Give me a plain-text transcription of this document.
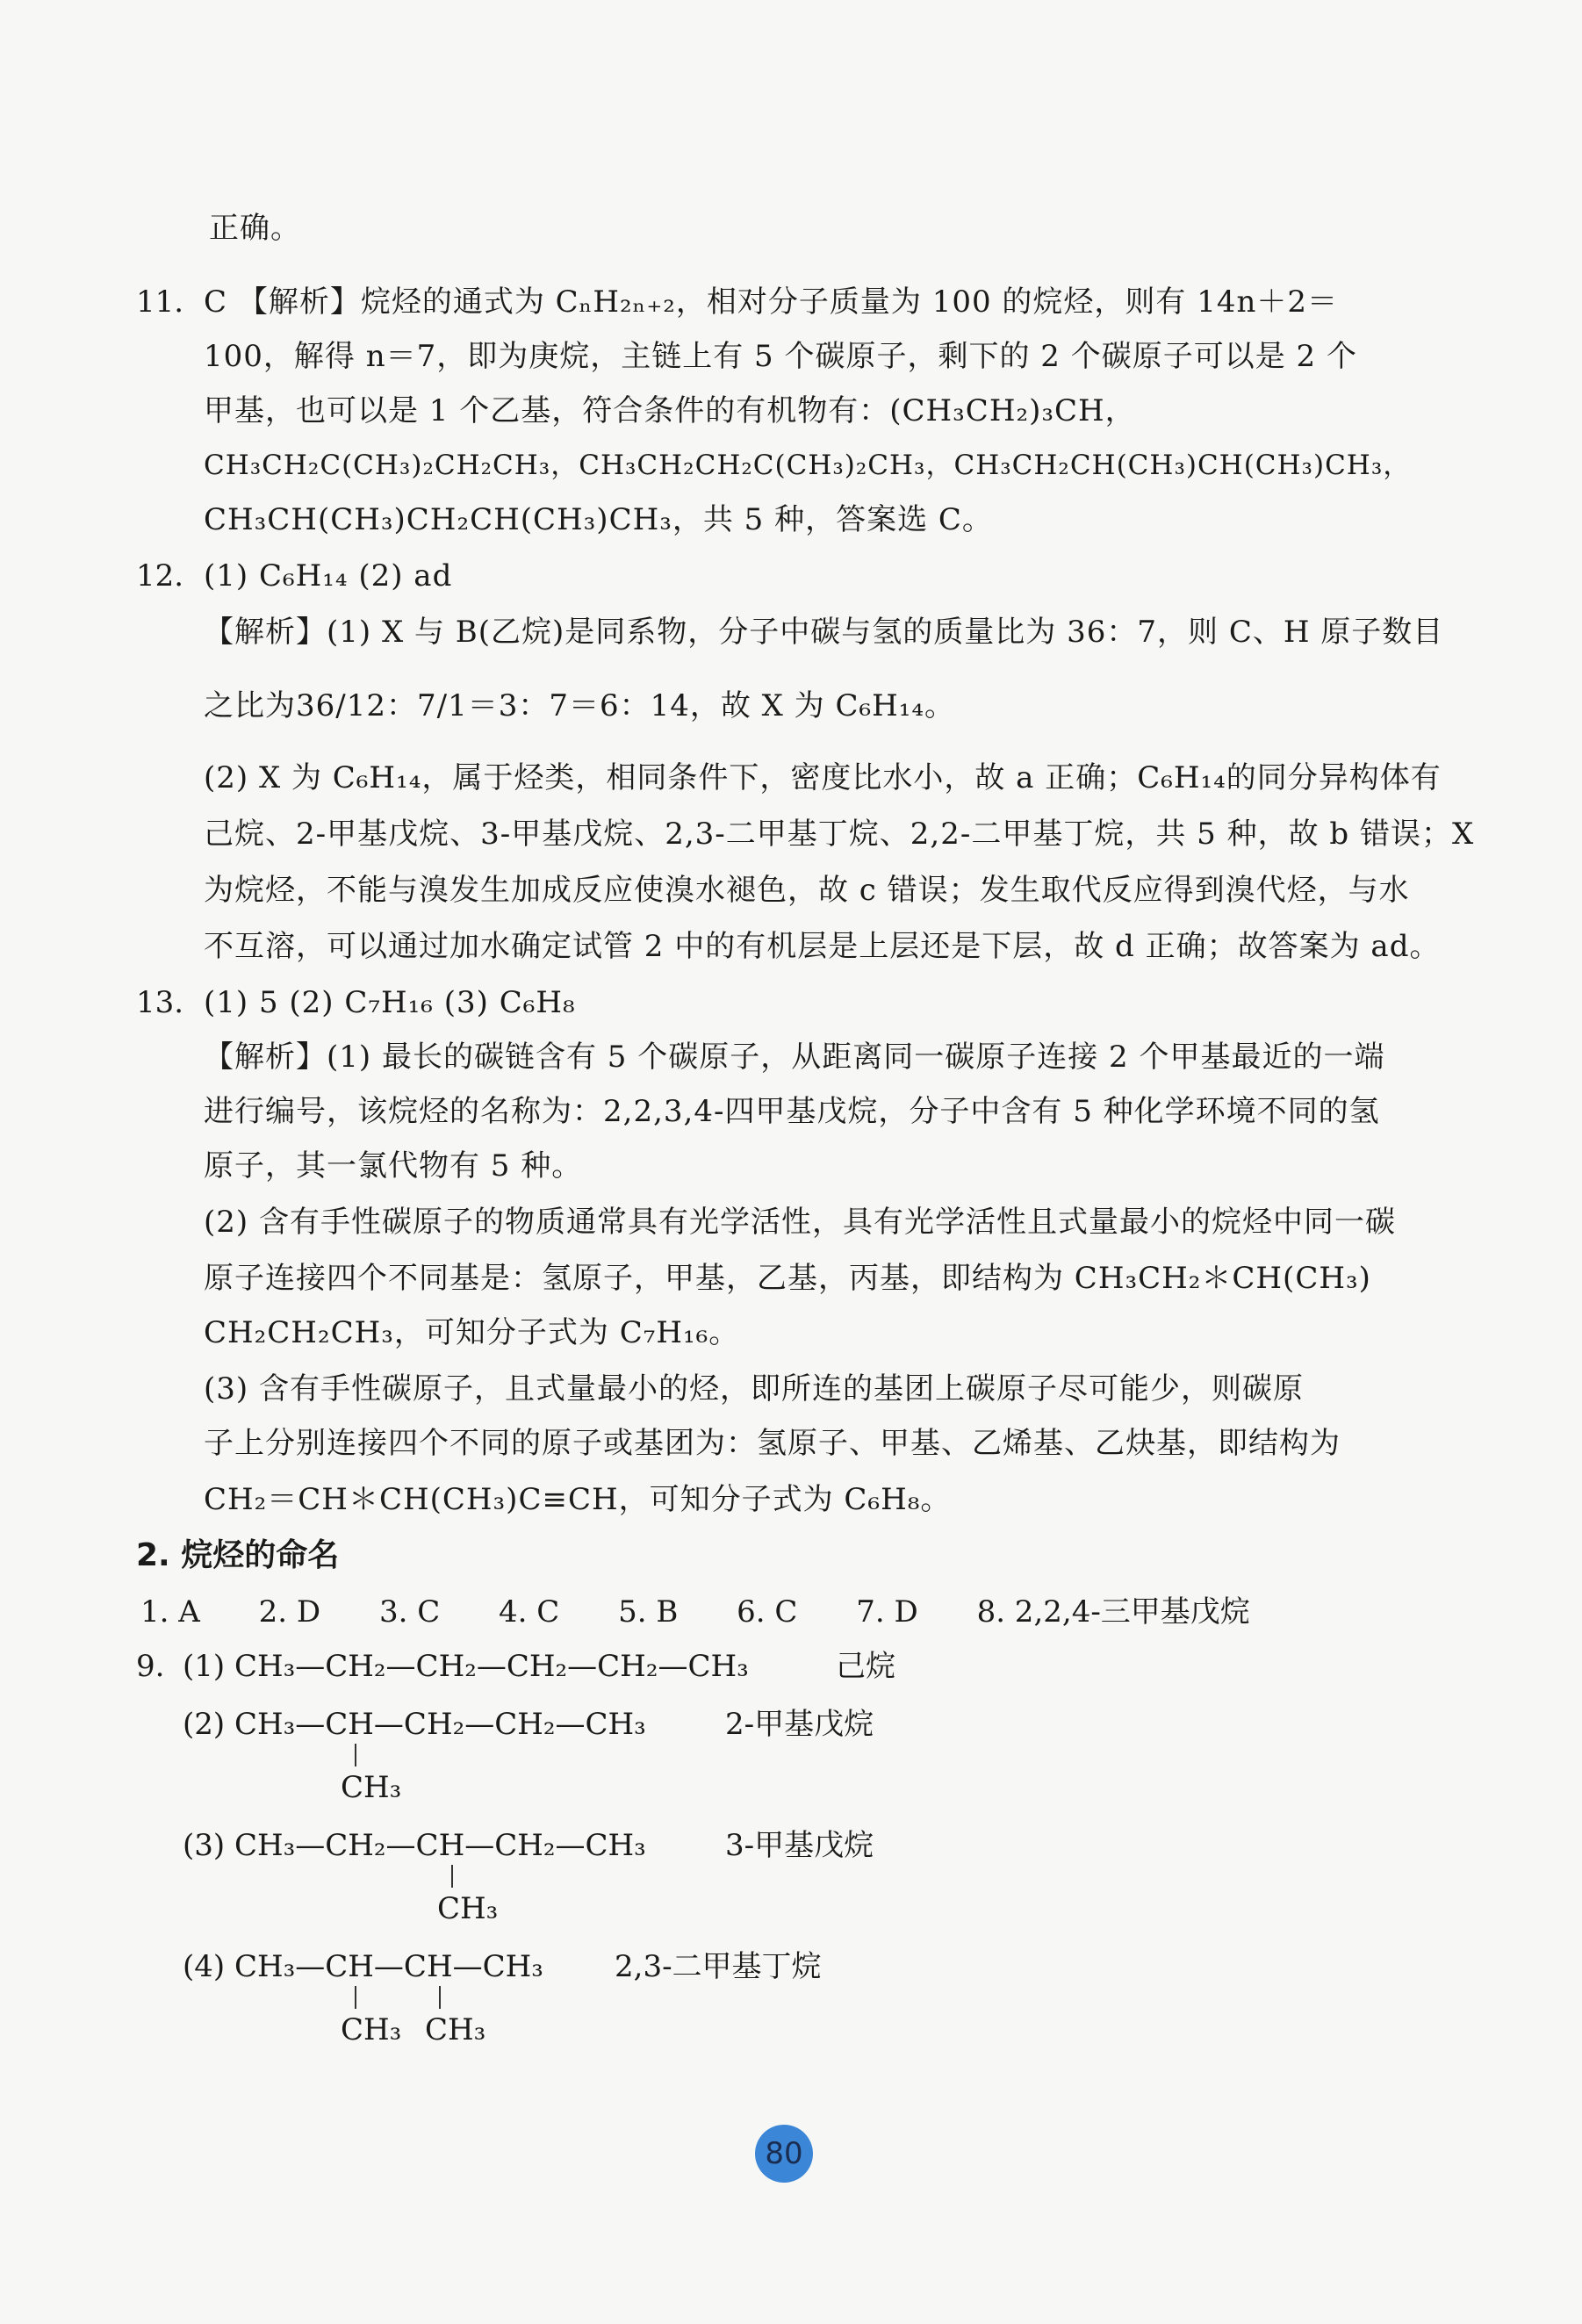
正确。
11. C 【解析】烷烃的通式为 CₙH₂ₙ₊₂，相对分子质量为 100 的烷烃，则有 14n＋2＝
100，解得 n＝7，即为庚烷，主链上有 5 个碳原子，剩下的 2 个碳原子可以是 2 个
甲基，也可以是 1 个乙基，符合条件的有机物有：(CH₃CH₂)₃CH，
CH₃CH₂C(CH₃)₂CH₂CH₃，CH₃CH₂CH₂C(CH₃)₂CH₃，CH₃CH₂CH(CH₃)CH(CH₃)CH₃，
CH₃CH(CH₃)CH₂CH(CH₃)CH₃，共 5 种，答案选 C。
12. (1) C₆H₁₄ (2) ad
【解析】(1) X 与 B(乙烷)是同系物，分子中碳与氢的质量比为 36：7，则 C、H 原子数目
之比为36/12：7/1＝3：7＝6：14，故 X 为 C₆H₁₄。
(2) X 为 C₆H₁₄，属于烃类，相同条件下，密度比水小，故 a 正确；C₆H₁₄的同分异构体有
己烷、2-甲基戊烷、3-甲基戊烷、2,3-二甲基丁烷、2,2-二甲基丁烷，共 5 种，故 b 错误；X
为烷烃，不能与溴发生加成反应使溴水褪色，故 c 错误；发生取代反应得到溴代烃，与水
不互溶，可以通过加水确定试管 2 中的有机层是上层还是下层，故 d 正确；故答案为 ad。
13. (1) 5 (2) C₇H₁₆ (3) C₆H₈
【解析】(1) 最长的碳链含有 5 个碳原子，从距离同一碳原子连接 2 个甲基最近的一端
进行编号，该烷烃的名称为：2,2,3,4-四甲基戊烷，分子中含有 5 种化学环境不同的氢
原子，其一氯代物有 5 种。
(2) 含有手性碳原子的物质通常具有光学活性，具有光学活性且式量最小的烷烃中同一碳
原子连接四个不同基是：氢原子，甲基，乙基，丙基，即结构为 CH₃CH₂＊CH(CH₃)
CH₂CH₂CH₃，可知分子式为 C₇H₁₆。
(3) 含有手性碳原子，且式量最小的烃，即所连的基团上碳原子尽可能少，则碳原
子上分别连接四个不同的原子或基团为：氢原子、甲基、乙烯基、乙炔基，即结构为
CH₂＝CH＊CH(CH₃)C≡CH，可知分子式为 C₆H₈。
2. 烷烃的命名
1. A 2. D 3. C 4. C 5. B 6. C 7. D 8. 2,2,4-三甲基戊烷
9. (1) CH₃—CH₂—CH₂—CH₂—CH₂—CH₃	己烷
(2) CH₃—CH—CH₂—CH₂—CH₃	2-甲基戊烷
CH₃
(3) CH₃—CH₂—CH—CH₂—CH₃	3-甲基戊烷
CH₃
(4) CH₃—CH—CH—CH₃ 2,3-二甲基丁烷
CH₃ CH₃
80
